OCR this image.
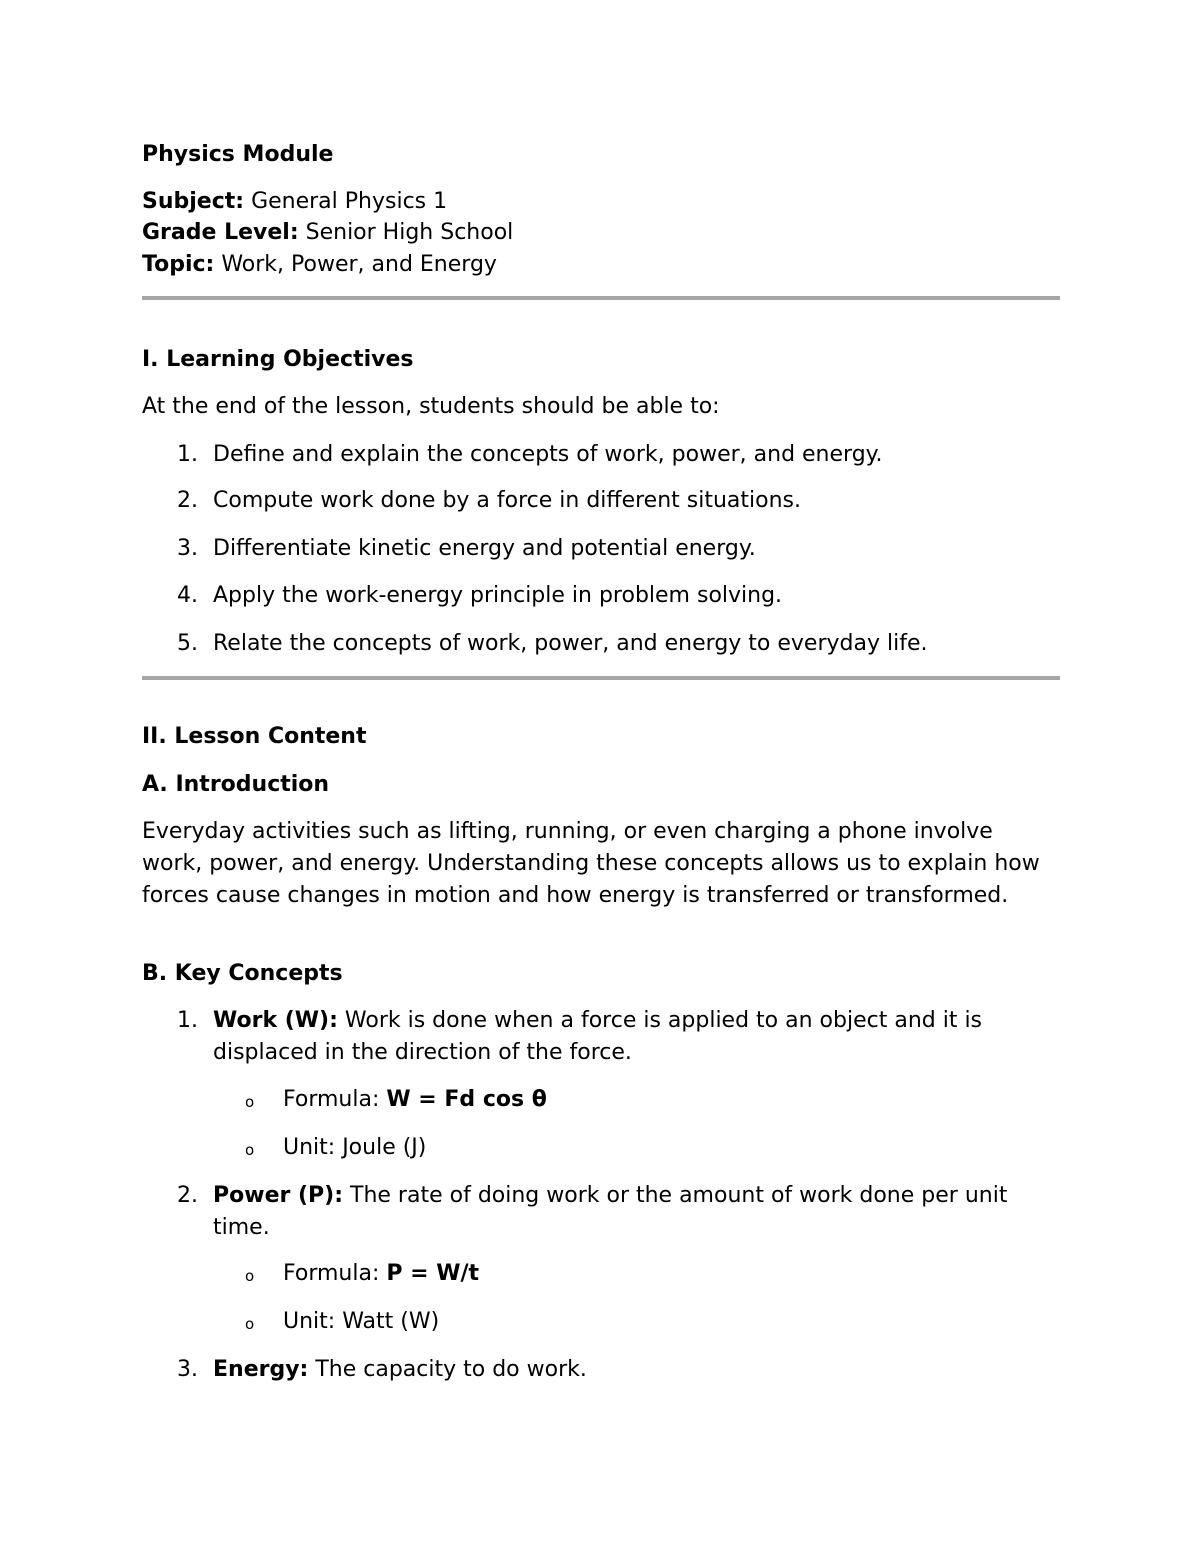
Physics Module
Subject: General Physics 1
Grade Level: Senior High School
Topic: Work, Power, and Energy
I. Learning Objectives
At the end of the lesson, students should be able to:
1. Define and explain the concepts of work, power, and energy.
2. Compute work done by a force in different situations.
3. Differentiate kinetic energy and potential energy.
4. Apply the work-energy principle in problem solving.
5. Relate the concepts of work, power, and energy to everyday life.
II. Lesson Content
A. Introduction
Everyday activities such as lifting, running, or even charging a phone involve work, power, and energy. Understanding these concepts allows us to explain how forces cause changes in motion and how energy is transferred or transformed.
B. Key Concepts
1. Work (W): Work is done when a force is applied to an object and it is displaced in the direction of the force.
o Formula: W = Fd cos θ
o Unit: Joule (J)
2. Power (P): The rate of doing work or the amount of work done per unit time.
o Formula: P = W/t
o Unit: Watt (W)
3. Energy: The capacity to do work.
